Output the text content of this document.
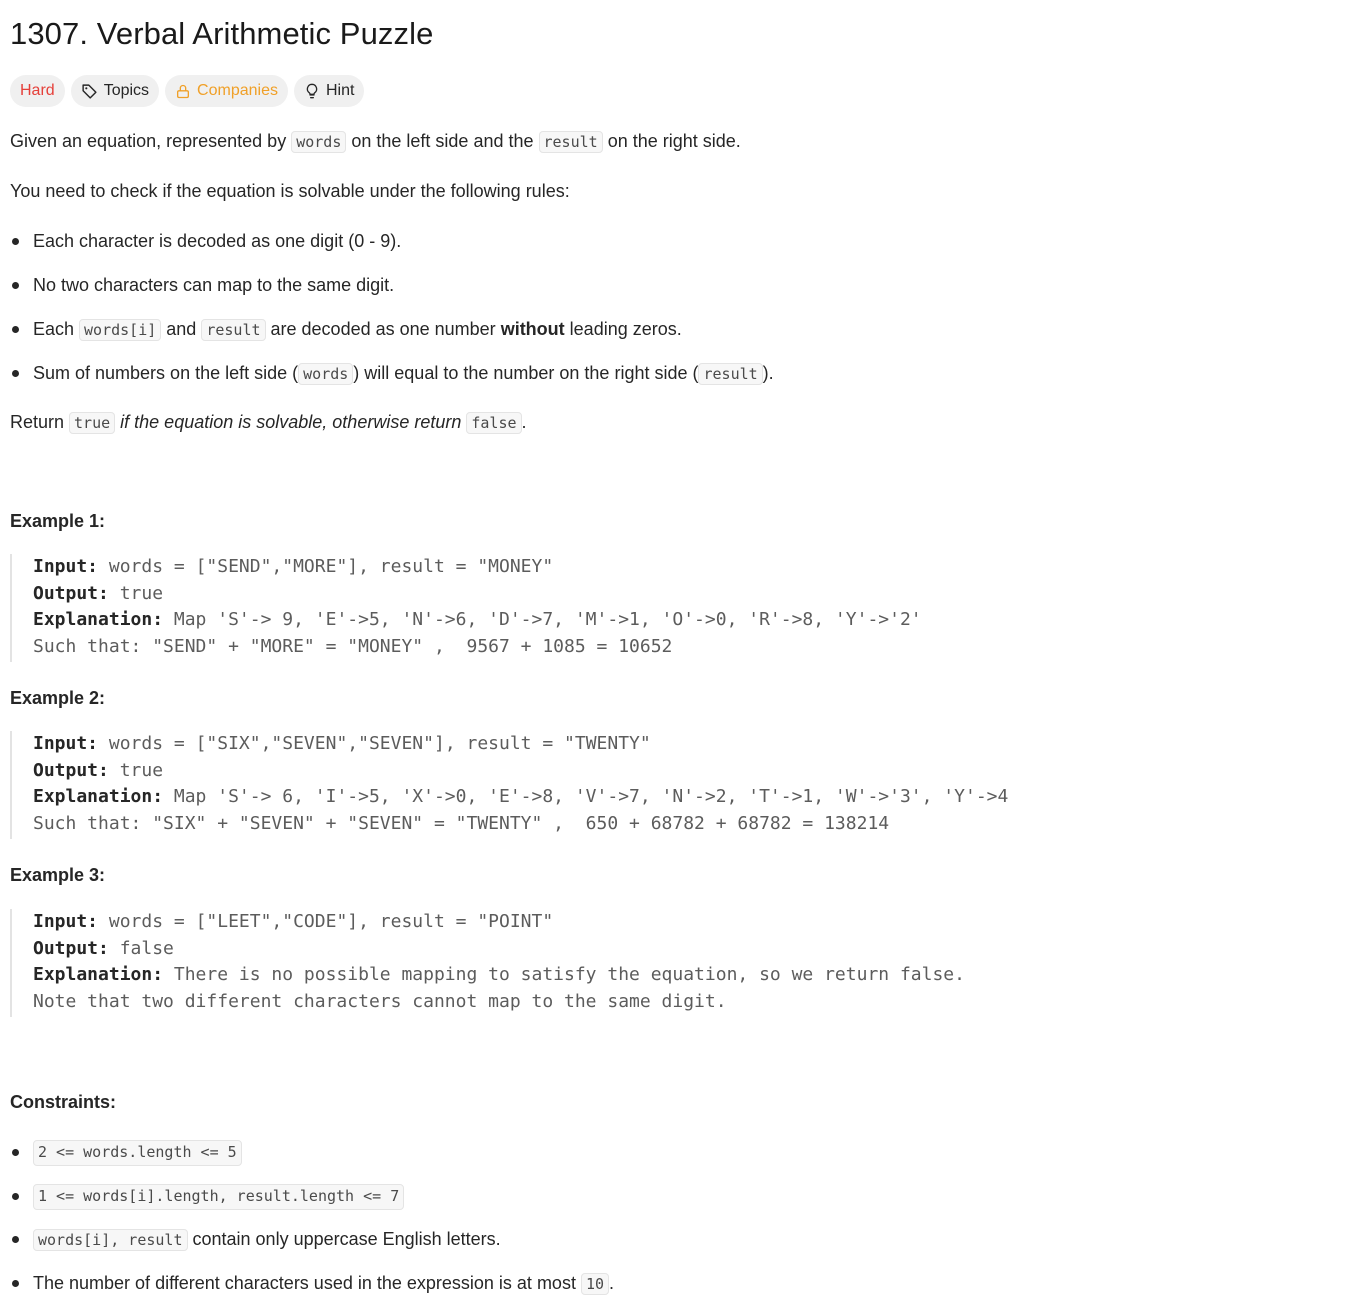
1307. Verbal Arithmetic Puzzle
Hard	Topics	Companies	Hint

Given an equation, represented by words on the left side and the result on the right side.

You need to check if the equation is solvable under the following rules:

Each character is decoded as one digit (0 - 9).
No two characters can map to the same digit.
Each words[i] and result are decoded as one number without leading zeros.
Sum of numbers on the left side ( words ) will equal to the number on the right side ( result ).

Return true if the equation is solvable, otherwise return false .

Example 1:

Input: words = ["SEND","MORE"], result = "MONEY"
Output: true
Explanation: Map 'S'-> 9, 'E'->5, 'N'->6, 'D'->7, 'M'->1, 'O'->0, 'R'->8, 'Y'->'2'
Such that: "SEND" + "MORE" = "MONEY" ,  9567 + 1085 = 10652

Example 2:

Input: words = ["SIX","SEVEN","SEVEN"], result = "TWENTY"
Output: true
Explanation: Map 'S'-> 6, 'I'->5, 'X'->0, 'E'->8, 'V'->7, 'N'->2, 'T'->1, 'W'->'3', 'Y'->4
Such that: "SIX" + "SEVEN" + "SEVEN" = "TWENTY" ,  650 + 68782 + 68782 = 138214

Example 3:

Input: words = ["LEET","CODE"], result = "POINT"
Output: false
Explanation: There is no possible mapping to satisfy the equation, so we return false.
Note that two different characters cannot map to the same digit.

Constraints:

2 <= words.length <= 5
1 <= words[i].length, result.length <= 7
words[i], result contain only uppercase English letters.
The number of different characters used in the expression is at most 10 .
